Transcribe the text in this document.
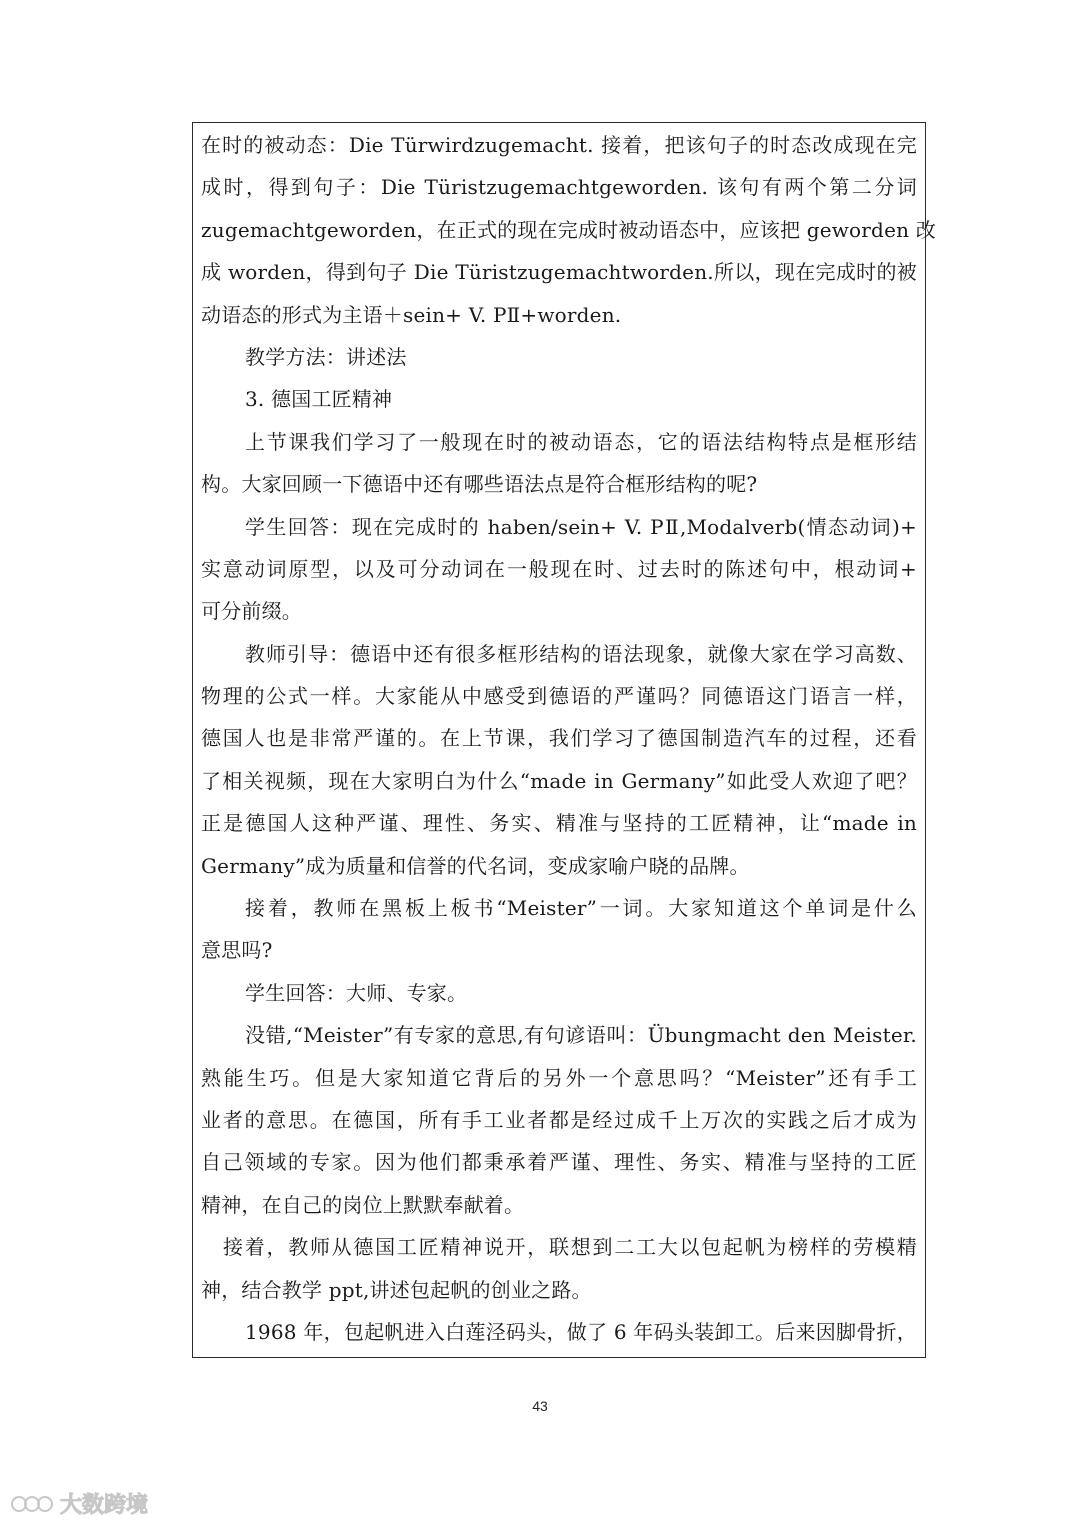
在时的被动态：Die Türwirdzugemacht. 接着，把该句子的时态改成现在完
成时，得到句子：Die Türistzugemachtgeworden. 该句有两个第二分词
zugemachtgeworden，在正式的现在完成时被动语态中，应该把 geworden 改
成 worden，得到句子 Die Türistzugemachtworden.所以，现在完成时的被
动语态的形式为主语＋sein+ V. PⅡ+worden.
教学方法：讲述法
3. 德国工匠精神
上节课我们学习了一般现在时的被动语态，它的语法结构特点是框形结
构。大家回顾一下德语中还有哪些语法点是符合框形结构的呢?
学生回答：现在完成时的 haben/sein+ V. PⅡ,Modalverb(情态动词)+
实意动词原型，以及可分动词在一般现在时、过去时的陈述句中，根动词+
可分前缀。
教师引导：德语中还有很多框形结构的语法现象，就像大家在学习高数、
物理的公式一样。大家能从中感受到德语的严谨吗？同德语这门语言一样，
德国人也是非常严谨的。在上节课，我们学习了德国制造汽车的过程，还看
了相关视频，现在大家明白为什么“made in Germany”如此受人欢迎了吧？
正是德国人这种严谨、理性、务实、精准与坚持的工匠精神，让“made in
Germany”成为质量和信誉的代名词，变成家喻户晓的品牌。
接着，教师在黑板上板书“Meister”一词。大家知道这个单词是什么
意思吗?
学生回答：大师、专家。
没错,“Meister”有专家的意思,有句谚语叫：Übungmacht den Meister.
熟能生巧。但是大家知道它背后的另外一个意思吗？“Meister”还有手工
业者的意思。在德国，所有手工业者都是经过成千上万次的实践之后才成为
自己领域的专家。因为他们都秉承着严谨、理性、务实、精准与坚持的工匠
精神，在自己的岗位上默默奉献着。
接着，教师从德国工匠精神说开，联想到二工大以包起帆为榜样的劳模精
神，结合教学 ppt,讲述包起帆的创业之路。
1968 年，包起帆进入白莲泾码头，做了 6 年码头装卸工。后来因脚骨折，
43
大数跨境
